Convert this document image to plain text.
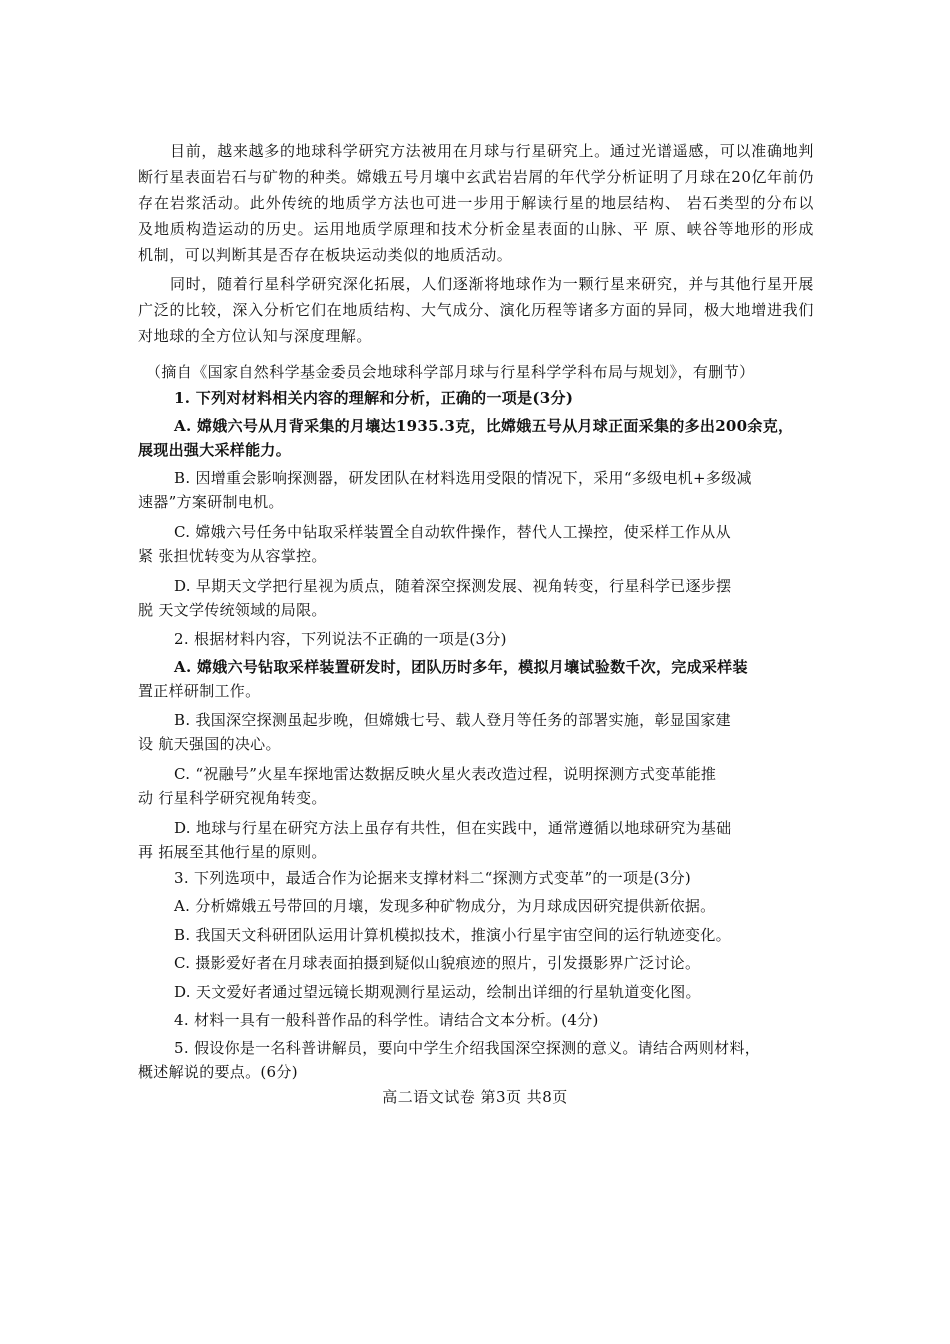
目前，越来越多的地球科学研究方法被用在月球与行星研究上。通过光谱遥感，可以准确地判断行星表面岩石与矿物的种类。嫦娥五号月壤中玄武岩岩屑的年代学分析证明了月球在20亿年前仍存在岩浆活动。此外传统的地质学方法也可进一步用于解读行星的地层结构、 岩石类型的分布以及地质构造运动的历史。运用地质学原理和技术分析金星表面的山脉、平 原、峡谷等地形的形成机制，可以判断其是否存在板块运动类似的地质活动。
同时，随着行星科学研究深化拓展，人们逐渐将地球作为一颗行星来研究，并与其他行星开展广泛的比较，深入分析它们在地质结构、大气成分、演化历程等诸多方面的异同，极大地增进我们对地球的全方位认知与深度理解。
（摘自《国家自然科学基金委员会地球科学部月球与行星科学学科布局与规划》，有删节）
1. 下列对材料相关内容的理解和分析，正确的一项是(3分)
A. 嫦娥六号从月背采集的月壤达1935.3克，比嫦娥五号从月球正面采集的多出200余克，
展现出强大采样能力。
B. 因增重会影响探测器，研发团队在材料选用受限的情况下，采用“多级电机+多级减
速器”方案研制电机。
C. 嫦娥六号任务中钻取采样装置全自动软件操作，替代人工操控，使采样工作从从
紧 张担忧转变为从容掌控。
D. 早期天文学把行星视为质点，随着深空探测发展、视角转变，行星科学已逐步摆
脱 天文学传统领域的局限。
2. 根据材料内容，下列说法不正确的一项是(3分)
A. 嫦娥六号钻取采样装置研发时，团队历时多年，模拟月壤试验数千次，完成采样装
置正样研制工作。
B. 我国深空探测虽起步晚，但嫦娥七号、载人登月等任务的部署实施，彰显国家建
设 航天强国的决心。
C. “祝融号”火星车探地雷达数据反映火星火表改造过程，说明探测方式变革能推
动 行星科学研究视角转变。
D. 地球与行星在研究方法上虽存有共性，但在实践中，通常遵循以地球研究为基础
再 拓展至其他行星的原则。
3. 下列选项中，最适合作为论据来支撑材料二“探测方式变革”的一项是(3分)
A. 分析嫦娥五号带回的月壤，发现多种矿物成分，为月球成因研究提供新依据。
B. 我国天文科研团队运用计算机模拟技术，推演小行星宇宙空间的运行轨迹变化。
C. 摄影爱好者在月球表面拍摄到疑似山貌痕迹的照片，引发摄影界广泛讨论。
D. 天文爱好者通过望远镜长期观测行星运动，绘制出详细的行星轨道变化图。
4. 材料一具有一般科普作品的科学性。请结合文本分析。(4分)
5. 假设你是一名科普讲解员，要向中学生介绍我国深空探测的意义。请结合两则材料，
概述解说的要点。(6分)
高二语文试卷 第3页 共8页
